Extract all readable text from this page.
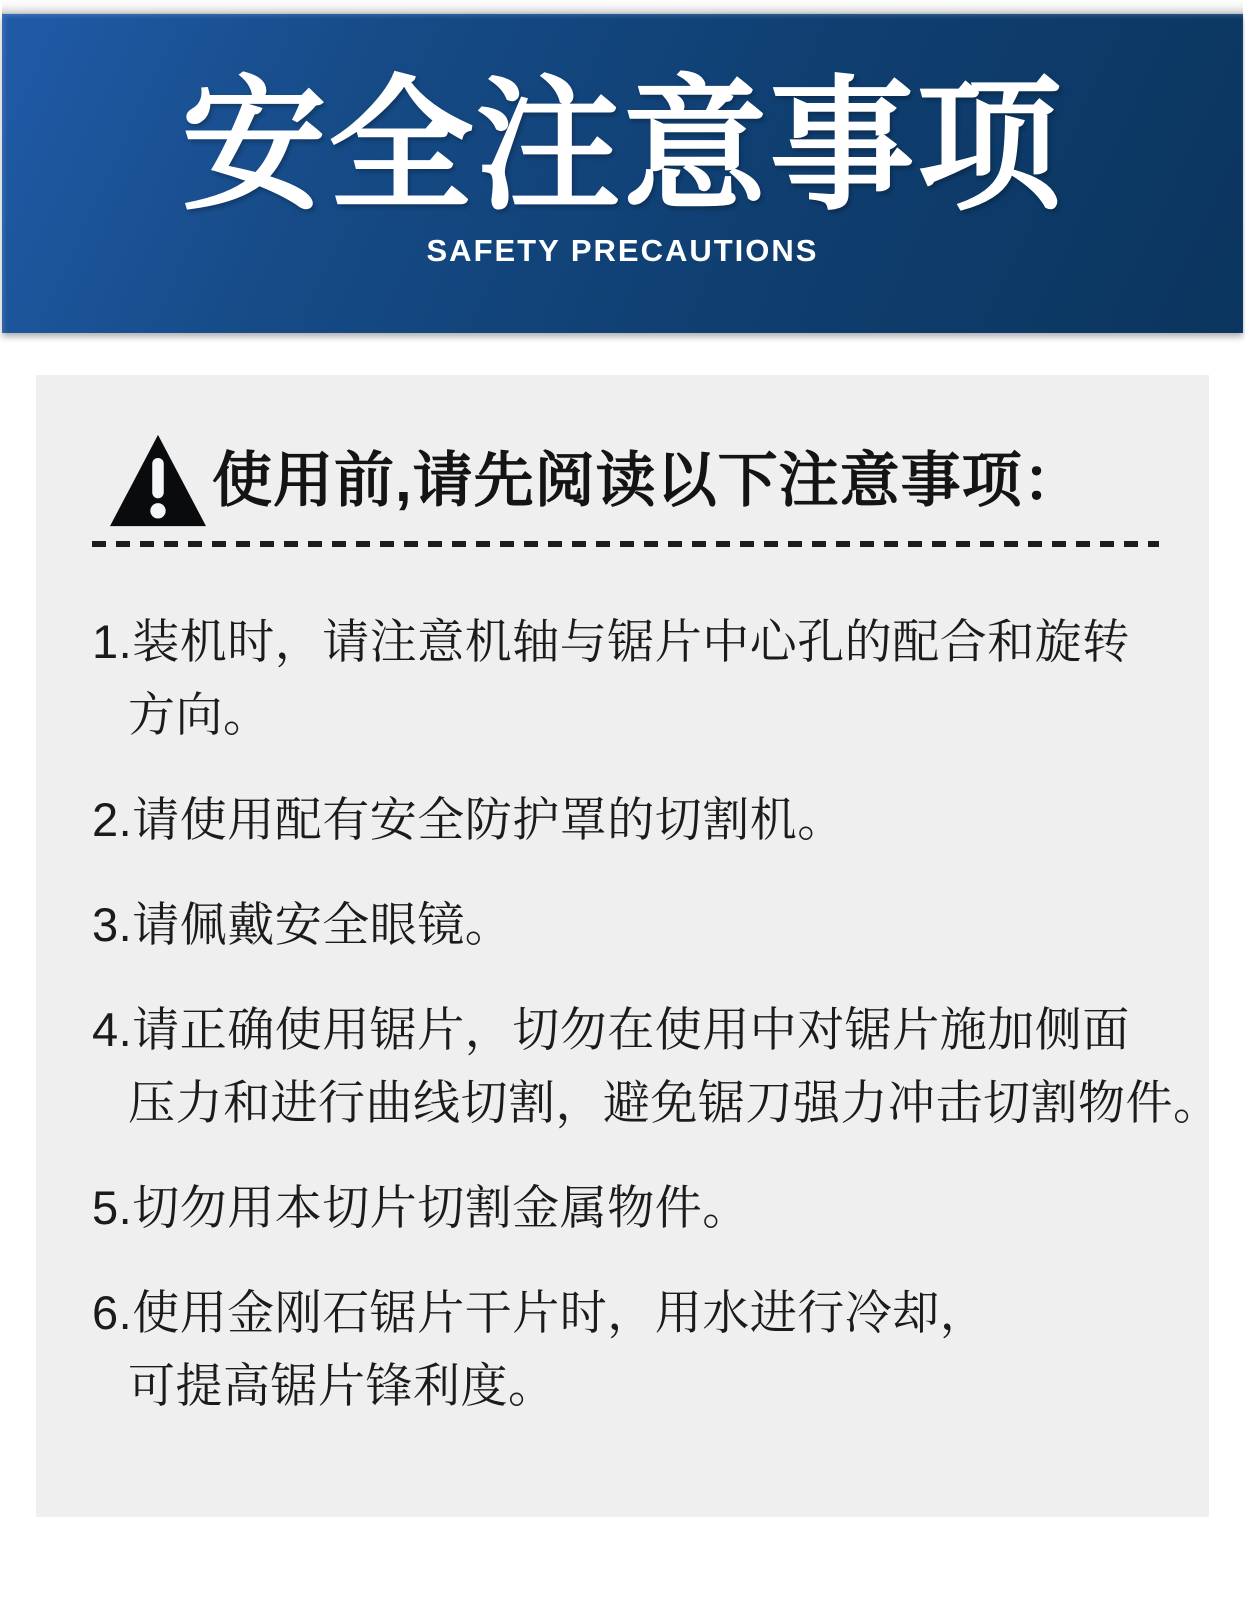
安全注意事项
SAFETY PRECAUTIONS
使用前,请先阅读以下注意事项：
1.装机时，请注意机轴与锯片中心孔的配合和旋转
方向。
2.请使用配有安全防护罩的切割机。
3.请佩戴安全眼镜。
4.请正确使用锯片，切勿在使用中对锯片施加侧面
压力和进行曲线切割，避免锯刀强力冲击切割物件。
5.切勿用本切片切割金属物件。
6.使用金刚石锯片干片时，用水进行冷却，
可提高锯片锋利度。
